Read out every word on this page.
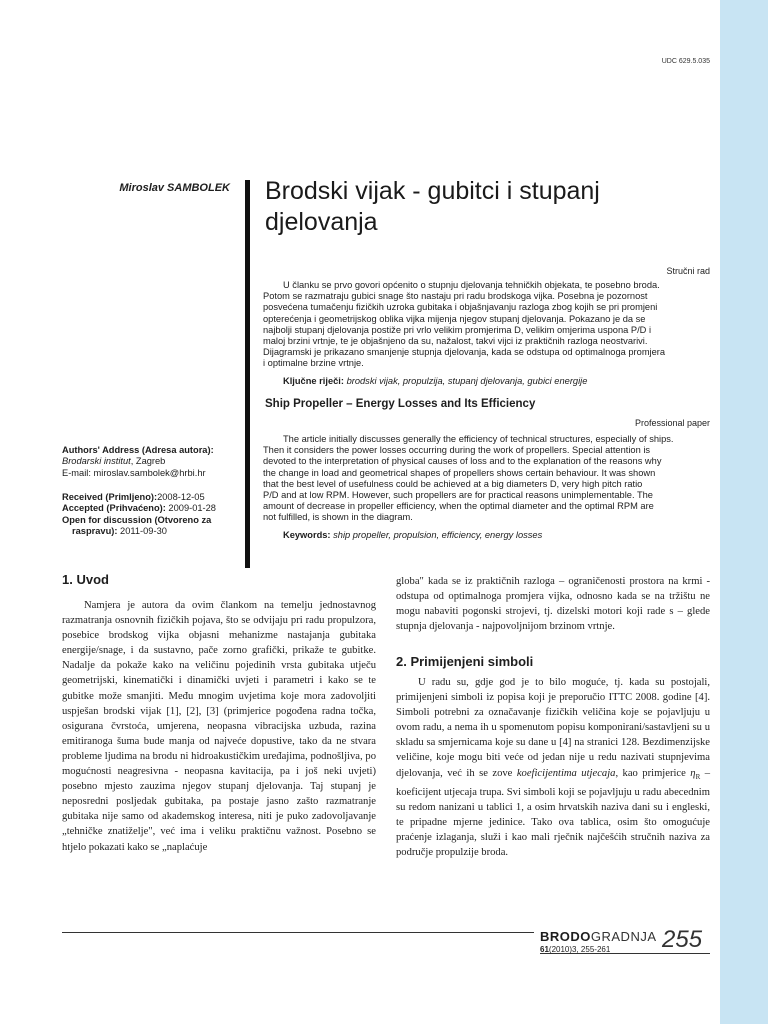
UDC 629.5.035
Miroslav SAMBOLEK Brodski vijak - gubitci i stupanj
djelovanja
Stručni rad
U članku se prvo govori općenito o stupnju djelovanja tehničkih objekata, te posebno broda.
Potom se razmatraju gubici snage što nastaju pri radu brodskoga vijka. Posebna je pozornost
posvećena tumačenju fizičkih uzroka gubitaka i objašnjavanju razloga zbog kojih se pri promjeni
opterećenja i geometrijskog oblika vijka mijenja njegov stupanj djelovanja. Pokazano je da se
najbolji stupanj djelovanja postiže pri vrlo velikim promjerima D, velikim omjerima uspona P/D i
maloj brzini vrtnje, te je objašnjeno da su, nažalost, takvi vijci iz praktičnih razloga neostvarivi.
Dijagramski je prikazano smanjenje stupnja djelovanja, kada se odstupa od optimalnoga promjera
i optimalne brzine vrtnje.
Ključne riječi: brodski vijak, propulzija, stupanj djelovanja, gubici energije
Ship Propeller – Energy Losses and Its Efficiency
Professional paper
The article initially discusses generally the efficiency of technical structures, especially of ships.
Then it considers the power losses occurring during the work of propellers. Special attention is
devoted to the interpretation of physical causes of loss and to the explanation of the reasons why
the change in load and geometrical shapes of propellers shows certain behaviour. It was shown
that the best level of usefulness could be achieved at a big diameters D, very high pitch ratio
P/D and at low RPM. However, such propellers are for practical reasons unimplementable. The
amount of decrease in propeller efficiency, when the optimal diameter and the optimal RPM are
not fulfilled, is shown in the diagram.
Keywords: ship propeller, propulsion, efficiency, energy losses
Authors' Address (Adresa autora):
Brodarski institut, Zagreb
E-mail: miroslav.sambolek@hrbi.hr
Received (Primljeno):2008-12-05
Accepted (Prihvaćeno): 2009-01-28
Open for discussion (Otvoreno za
raspravu): 2011-09-30
1. Uvod

Namjera je autora da ovim člankom na temelju jednostavnog razmatranja osnovnih fizičkih pojava, što se odvijaju pri radu propulzora, posebice brodskog vijka objasni mehanizme nastajanja gubitaka energije/snage, i da sustavno, pače zorno grafički, prikaže te gubitke. Nadalje da pokaže kako na veličinu pojedinih vrsta gubitaka utječu geometrijski, kinematički i dinamički uvjeti i parametri i kako se te gubitke može smanjiti. Među mnogim uvjetima koje mora zadovoljiti uspješan brodski vijak [1], [2], [3] (primjerice pogođena radna točka, osigurana čvrstoća, umjerena, neopasna vibracijska uzbuda, razina emitiranoga šuma bude manja od najveće dopustive, tako da ne stvara probleme ljudima na brodu ni hidroakustičkim uređajima, podnošljiva, po mogućnosti neagresivna - neopasna kavitacija, pa i još neki uvjeti) posebno mjesto zauzima njegov stupanj djelovanja. Taj stupanj je neposredni posljedak gubitaka, pa postaje jasno zašto razmatranje gubitaka nije samo od akademskog interesa, niti je puko zadovoljavanje „tehničke znatiželje", već ima i veliku praktičnu važnost. Posebno se htjelo pokazati kako se „naplaćuje

globa" kada se iz praktičnih razloga – ograničenosti prostora na krmi - odstupa od optimalnoga promjera vijka, odnosno kada se na tržištu ne mogu nabaviti pogonski strojevi, tj. dizelski motori koji rade s – glede stupnja djelovanja - najpovoljnijom brzinom vrtnje.

2. Primijenjeni simboli

U radu su, gdje god je to bilo moguće, tj. kada su postojali, primijenjeni simboli iz popisa koji je preporučio ITTC 2008. godine [4]. Simboli potrebni za označavanje fizičkih veličina koje se pojavljuju u ovom radu, a nema ih u spomenutom popisu komponirani/sastavljeni su u skladu sa smjernicama koje su dane u [4] na stranici 128. Bezdimenzijske veličine, koje mogu biti veće od jedan nije u redu nazivati stupnjevima djelovanja, već ih se zove koeficijentima utjecaja, kao primjerice $\eta_R$ – koeficijent utjecaja trupa. Svi simboli koji se pojavljuju u radu abecednim su redom nanizani u tablici 1, a osim hrvatskih naziva dani su i engleski, te pripadne mjerne jedinice. Tako ova tablica, osim što omogućuje praćenje izlaganja, služi i kao mali rječnik najčešćih stručnih naziva za područje propulzije broda.

BRODOGRADNJA 255
61(2010)3, 255-261
